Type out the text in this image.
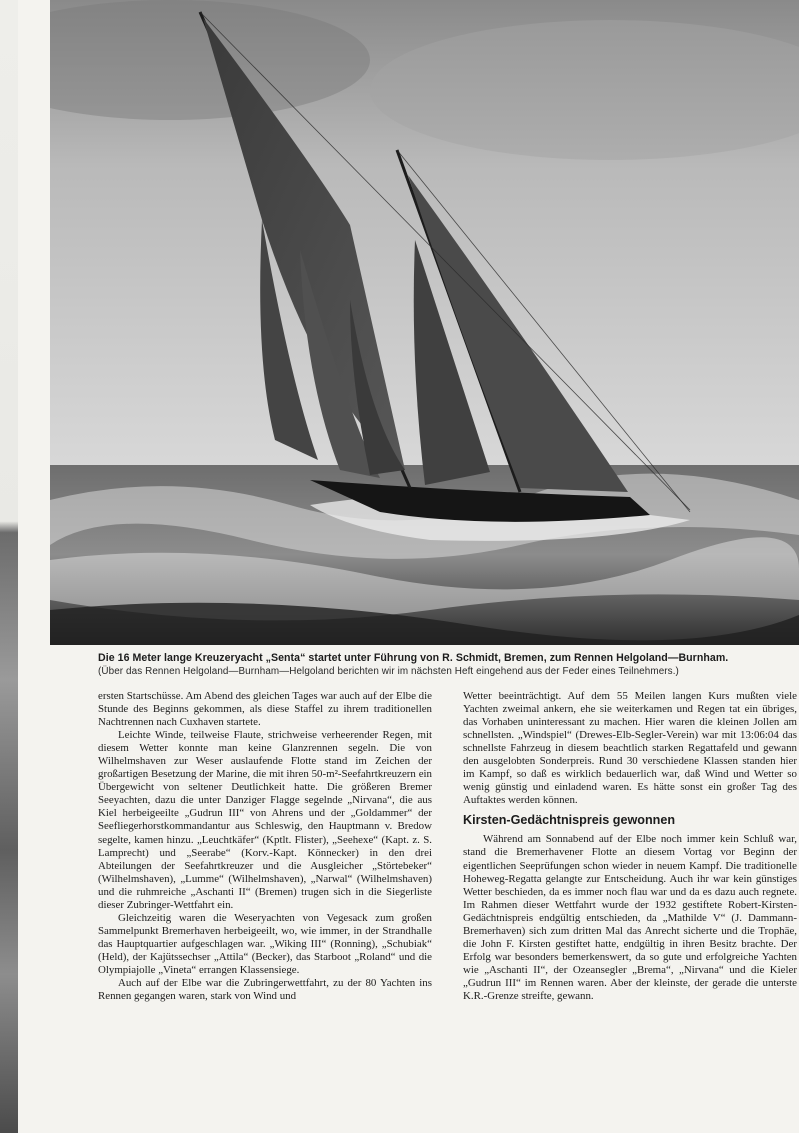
Die 16 Meter lange Kreuzeryacht „Senta“ startet unter Führung von R. Schmidt, Bremen, zum Rennen Helgoland—Burnham.
(Über das Rennen Helgoland—Burnham—Helgoland berichten wir im nächsten Heft eingehend aus der Feder eines Teilnehmers.)

ersten Startschüsse. Am Abend des gleichen Tages war auch auf der Elbe die Stunde des Beginns gekommen, als diese Staffel zu ihrem traditionellen Nachtrennen nach Cuxhaven startete.

Leichte Winde, teilweise Flaute, strichweise verheerender Regen, mit diesem Wetter konnte man keine Glanzrennen segeln. Die von Wilhelmshaven zur Weser auslaufende Flotte stand im Zeichen der großartigen Besetzung der Marine, die mit ihren 50-m²-Seefahrtkreuzern ein Übergewicht von seltener Deutlichkeit hatte. Die größeren Bremer Seeyachten, dazu die unter Danziger Flagge segelnde „Nirvana“, die aus Kiel herbeigeeilte „Gudrun III“ von Ahrens und der „Goldammer“ der Seefliegerhorstkommandantur aus Schleswig, den Hauptmann v. Bredow segelte, kamen hinzu. „Leuchtkäfer“ (Kptlt. Flister), „Seehexe“ (Kapt. z. S. Lamprecht) und „Seerabe“ (Korv.-Kapt. Könnecker) in den drei Abteilungen der Seefahrtkreuzer und die Ausgleicher „Störtebeker“ (Wilhelmshaven), „Lumme“ (Wilhelmshaven), „Narwal“ (Wilhelmshaven) und die ruhmreiche „Aschanti II“ (Bremen) trugen sich in die Siegerliste dieser Zubringer-Wettfahrt ein.

Gleichzeitig waren die Weseryachten von Vegesack zum großen Sammelpunkt Bremerhaven herbeigeeilt, wo, wie immer, in der Strandhalle das Hauptquartier aufgeschlagen war. „Wiking III“ (Ronning), „Schubiak“ (Held), der Kajütssechser „Attila“ (Becker), das Starboot „Roland“ und die Olympiajolle „Vineta“ errangen Klassensiege.

Auch auf der Elbe war die Zubringerwettfahrt, zu der 80 Yachten ins Rennen gegangen waren, stark von Wind und

Wetter beeinträchtigt. Auf dem 55 Meilen langen Kurs mußten viele Yachten zweimal ankern, ehe sie weiterkamen und Regen tat ein übriges, das Vorhaben uninteressant zu machen. Hier waren die kleinen Jollen am schnellsten. „Windspiel“ (Drewes-Elb-Segler-Verein) war mit 13:06:04 das schnellste Fahrzeug in diesem beachtlich starken Regattafeld und gewann den ausgelobten Sonderpreis. Rund 30 verschiedene Klassen standen hier im Kampf, so daß es wirklich bedauerlich war, daß Wind und Wetter so wenig günstig und einladend waren. Es hätte sonst ein großer Tag des Auftaktes werden können.

Kirsten-Gedächtnispreis gewonnen

Während am Sonnabend auf der Elbe noch immer kein Schluß war, stand die Bremerhavener Flotte an diesem Vortag vor Beginn der eigentlichen Seeprüfungen schon wieder in neuem Kampf. Die traditionelle Hoheweg-Regatta gelangte zur Entscheidung. Auch ihr war kein günstiges Wetter beschieden, da es immer noch flau war und da es dazu auch regnete. Im Rahmen dieser Wettfahrt wurde der 1932 gestiftete Robert-Kirsten-Gedächtnispreis endgültig entschieden, da „Mathilde V“ (J. Dammann-Bremerhaven) sich zum dritten Mal das Anrecht sicherte und die Trophäe, die John F. Kirsten gestiftet hatte, endgültig in ihren Besitz brachte. Der Erfolg war besonders bemerkenswert, da so gute und erfolgreiche Yachten wie „Aschanti II“, der Ozeansegler „Brema“, „Nirvana“ und die Kieler „Gudrun III“ im Rennen waren. Aber der kleinste, der gerade die unterste K.R.-Grenze streifte, gewann.
